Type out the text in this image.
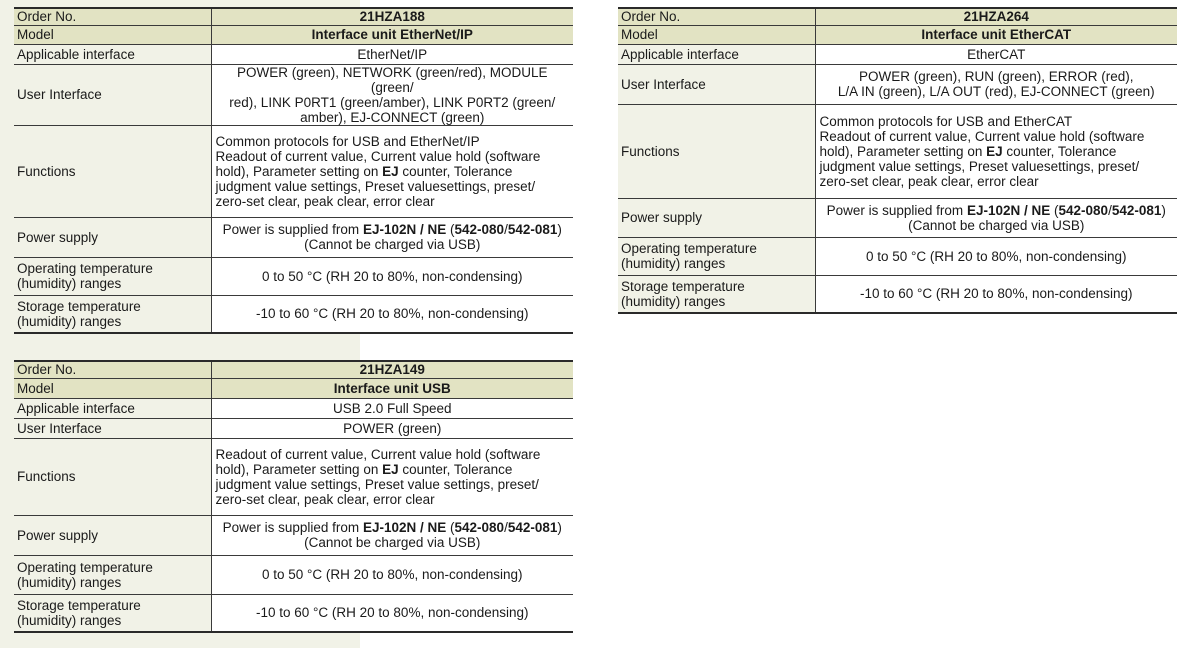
Order No.	21HZA188
Model	Interface unit EtherNet/IP
Applicable interface	EtherNet/IP
User Interface	POWER (green), NETWORK (green/red), MODULE (green/
red), LINK P0RT1 (green/amber), LINK P0RT2 (green/
amber), EJ-CONNECT (green)

Functions	Common protocols for USB and EtherNet/IP
Readout of current value, Current value hold (software
hold), Parameter setting on EJ counter, Tolerance
judgment value settings, Preset valuesettings, preset/
zero-set clear, peak clear, error clear

Power supply	Power is supplied from EJ-102N / NE (542-080/542-081)
(Cannot be charged via USB)

Operating temperature
(humidity) ranges	0 to 50 °C (RH 20 to 80%, non-condensing)

Storage temperature
(humidity) ranges	-10 to 60 °C (RH 20 to 80%, non-condensing)
Order No.	21HZA149
Model	Interface unit USB
Applicable interface	USB 2.0 Full Speed
User Interface	POWER (green)
Functions	Readout of current value, Current value hold (software
hold), Parameter setting on EJ counter, Tolerance
judgment value settings, Preset value settings, preset/
zero-set clear, peak clear, error clear

Power supply	Power is supplied from EJ-102N / NE (542-080/542-081)
(Cannot be charged via USB)

Operating temperature
(humidity) ranges	0 to 50 °C (RH 20 to 80%, non-condensing)

Storage temperature
(humidity) ranges	-10 to 60 °C (RH 20 to 80%, non-condensing)
Order No.	21HZA264
Model	Interface unit EtherCAT
Applicable interface	EtherCAT
User Interface	POWER (green), RUN (green), ERROR (red),
L/A IN (green), L/A OUT (red), EJ-CONNECT (green)

Functions	Common protocols for USB and EtherCAT
Readout of current value, Current value hold (software
hold), Parameter setting on EJ counter, Tolerance
judgment value settings, Preset valuesettings, preset/
zero-set clear, peak clear, error clear

Power supply	Power is supplied from EJ-102N / NE (542-080/542-081)
(Cannot be charged via USB)

Operating temperature
(humidity) ranges	0 to 50 °C (RH 20 to 80%, non-condensing)

Storage temperature
(humidity) ranges	-10 to 60 °C (RH 20 to 80%, non-condensing)
